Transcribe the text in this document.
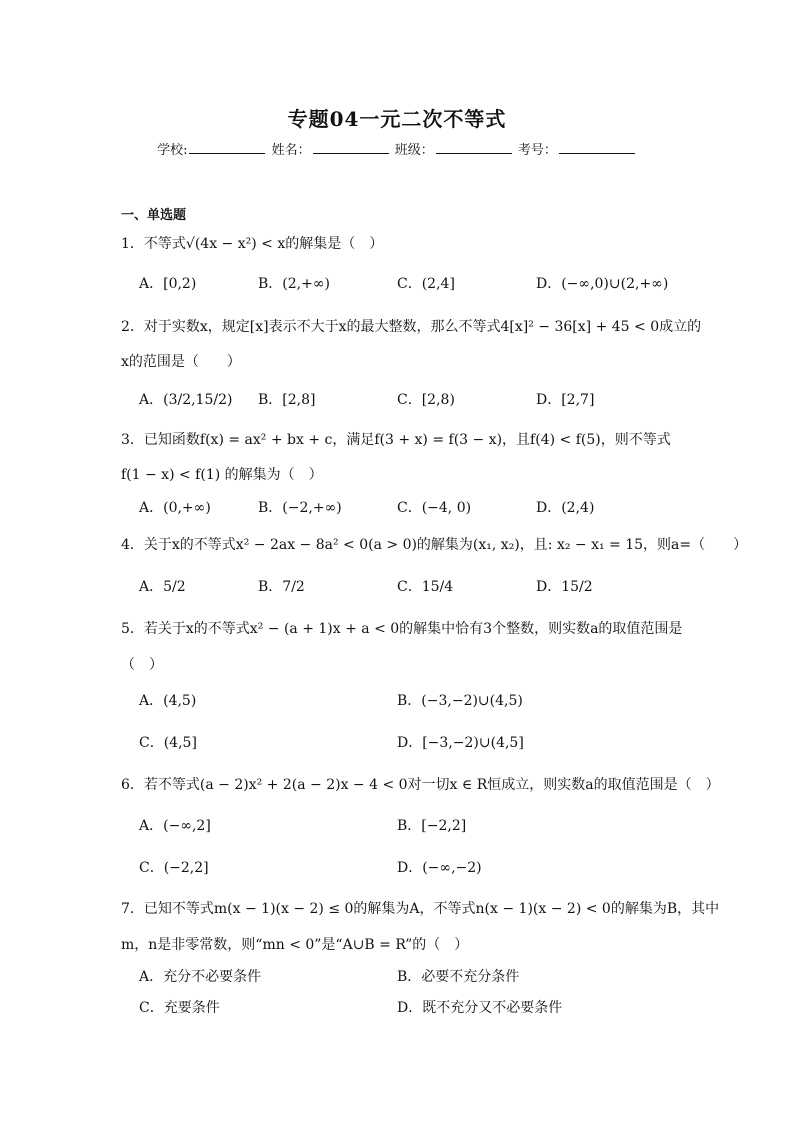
专题04一元二次不等式
学校:	姓名：	班级：	考号：
一、单选题
1．不等式√(4x − x²) < x的解集是（　）
A．[0,2)	B．(2,+∞)	C．(2,4]	D．(−∞,0)∪(2,+∞)
2．对于实数x，规定[x]表示不大于x的最大整数，那么不等式4[x]² − 36[x] + 45 < 0成立的
x的范围是（　　）
A．(3/2,15/2) B．[2,8]	C．[2,8)	D．[2,7]
3．已知函数f(x) = ax² + bx + c，满足f(3 + x) = f(3 − x)，且f(4) < f(5)，则不等式
f(1 − x) < f(1) 的解集为（　）
A．(0,+∞)	B．(−2,+∞)	C．(−4, 0)	D．(2,4)
4．关于x的不等式x² − 2ax − 8a² < 0(a > 0)的解集为(x₁, x₂)，且: x₂ − x₁ = 15，则a=（　　）
A．5/2	B．7/2	C．15/4	D．15/2
5．若关于x的不等式x² − (a + 1)x + a < 0的解集中恰有3个整数，则实数a的取值范围是
（　）
A．(4,5)	B．(−3,−2)∪(4,5)
C．(4,5]	D．[−3,−2)∪(4,5]
6．若不等式(a − 2)x² + 2(a − 2)x − 4 < 0对一切x ∈ R恒成立，则实数a的取值范围是（　）
A．(−∞,2]	B．[−2,2]
C．(−2,2]	D．(−∞,−2)
7．已知不等式m(x − 1)(x − 2) ≤ 0的解集为A，不等式n(x − 1)(x − 2) < 0的解集为B，其中
m，n是非零常数，则“mn < 0”是“A∪B = R”的（　）
A．充分不必要条件	B．必要不充分条件
C．充要条件	D．既不充分又不必要条件
